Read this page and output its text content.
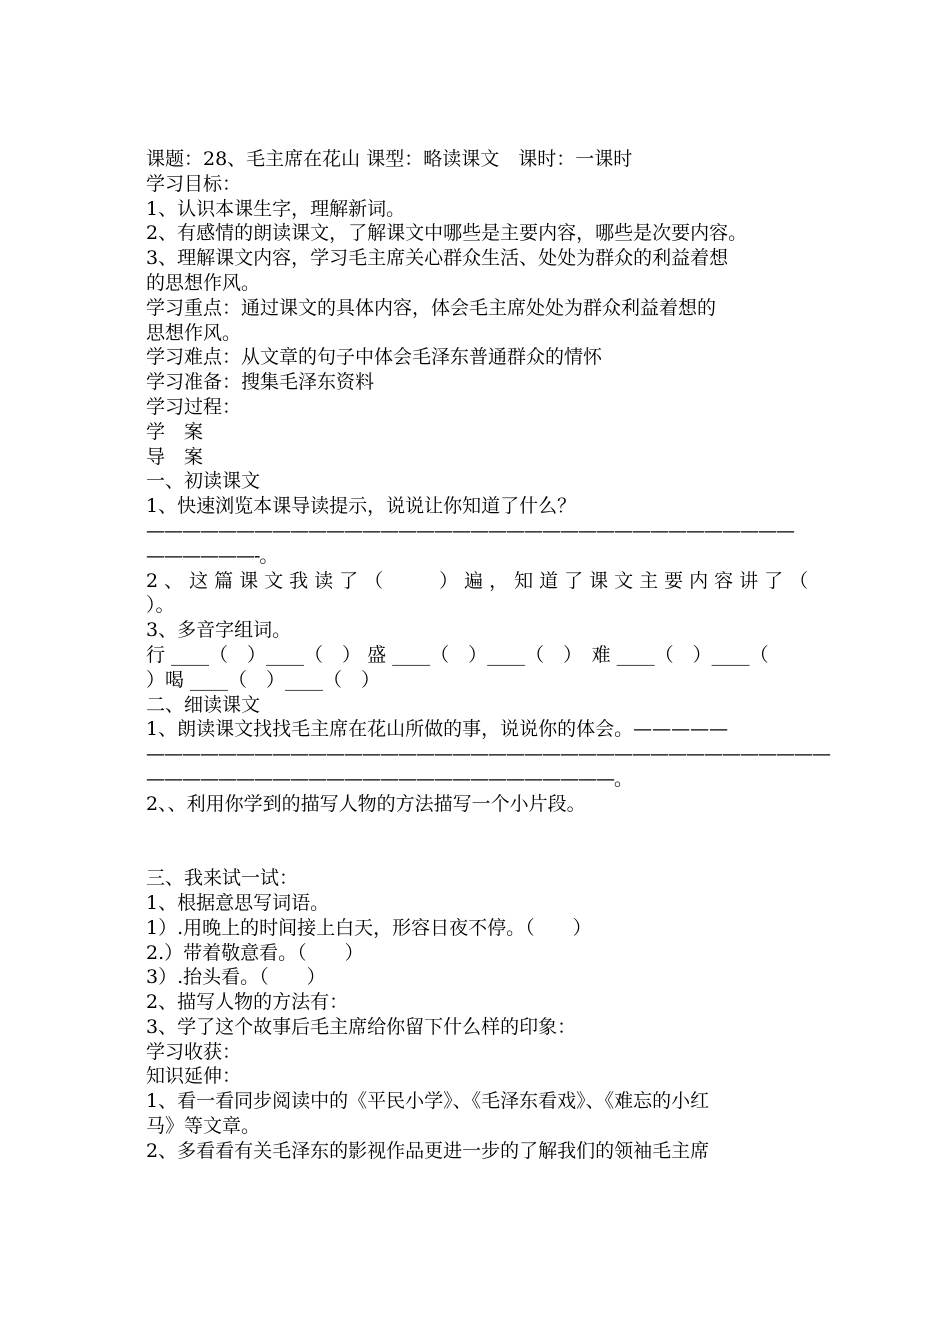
课题：28、毛主席在花山 课型：略读课文　课时：一课时
学习目标：
1、认识本课生字，理解新词。
2、有感情的朗读课文，了解课文中哪些是主要内容，哪些是次要内容。
3、理解课文内容，学习毛主席关心群众生活、处处为群众的利益着想
的思想作风。
学习重点：通过课文的具体内容，体会毛主席处处为群众利益着想的
思想作风。
学习难点：从文章的句子中体会毛泽东普通群众的情怀
学习准备：搜集毛泽东资料
学习过程：
学　案
导　案
一、初读课文
1、快速浏览本课导读提示，说说让你知道了什么？
————————————————————————————————————
——————-。
2、这篇课文我读了（　　）遍，知道了课文主要内容讲了（
）。
3、多音字组词。
行 ____（　）____（　） 盛 ____（　）____（　）　难 ____（　）____（
）喝 ____（　）____（　）
二、细读课文
1、朗读课文找找毛主席在花山所做的事，说说你的体会。—————
——————————————————————————————————————
——————————————————————————。
2、、利用你学到的描写人物的方法描写一个小片段。
三、我来试一试：
1、根据意思写词语。
1）.用晚上的时间接上白天，形容日夜不停。（　　）
2.）带着敬意看。（　　）
3）.抬头看。（　　）
2、描写人物的方法有：
3、学了这个故事后毛主席给你留下什么样的印象：
学习收获：
知识延伸：
1、看一看同步阅读中的《平民小学》、《毛泽东看戏》、《难忘的小红
马》等文章。
2、多看看有关毛泽东的影视作品更进一步的了解我们的领袖毛主席
